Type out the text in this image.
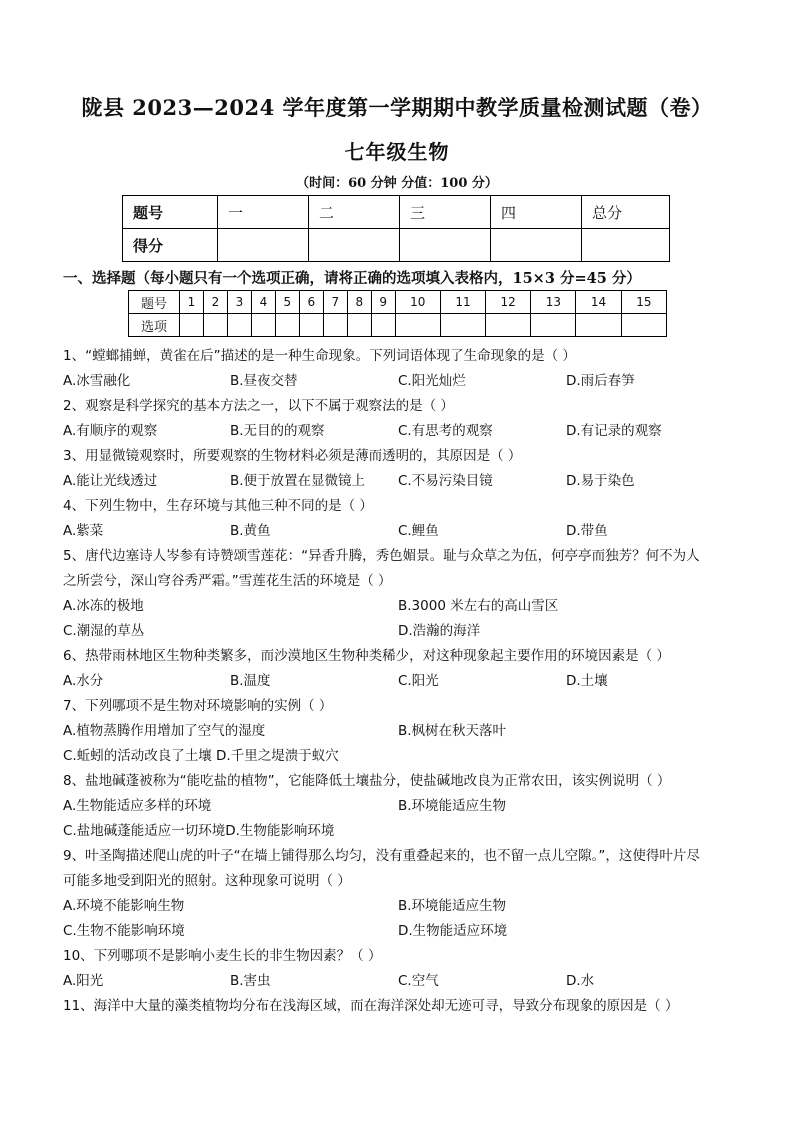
陇县 2023—2024 学年度第一学期期中教学质量检测试题（卷）
七年级生物
（时间：60 分钟 分值：100 分）
题号	一	二	三	四	总分
得分					
一、选择题（每小题只有一个选项正确，请将正确的选项填入表格内，15×3 分=45 分）
题号	1	2	3	4	5	6	7	8	9	10	11	12	13	14	15
选项															
1、“螳螂捕蝉，黄雀在后”描述的是一种生命现象。下列词语体现了生命现象的是（ ）
A.冰雪融化	B.昼夜交替	C.阳光灿烂	D.雨后春笋
2、观察是科学探究的基本方法之一，以下不属于观察法的是（ ）
A.有顺序的观察	B.无目的的观察	C.有思考的观察	D.有记录的观察
3、用显微镜观察时，所要观察的生物材料必须是薄而透明的，其原因是（ ）
A.能让光线透过	B.便于放置在显微镜上 C.不易污染目镜	D.易于染色
4、下列生物中，生存环境与其他三种不同的是（ ）
A.紫菜	B.黄鱼	C.鲤鱼	D.带鱼
5、唐代边塞诗人岑参有诗赞颂雪莲花：“异香升腾，秀色媚景。耻与众草之为伍，何亭亭而独芳？何不为人
之所尝兮，深山穹谷秀严霜。”雪莲花生活的环境是（ ）
A.冰冻的极地	B.3000 米左右的高山雪区
C.潮湿的草丛	D.浩瀚的海洋
6、热带雨林地区生物种类繁多，而沙漠地区生物种类稀少，对这种现象起主要作用的环境因素是（ ）
A.水分	B.温度	C.阳光	D.土壤
7、下列哪项不是生物对环境影响的实例（ ）
A.植物蒸腾作用增加了空气的湿度	B.枫树在秋天落叶
C.蚯蚓的活动改良了土壤 D.千里之堤溃于蚁穴
8、盐地碱蓬被称为“能吃盐的植物”，它能降低土壤盐分，使盐碱地改良为正常农田，该实例说明（ ）
A.生物能适应多样的环境	B.环境能适应生物
C.盐地碱蓬能适应一切环境D.生物能影响环境
9、叶圣陶描述爬山虎的叶子“在墙上铺得那么均匀，没有重叠起来的，也不留一点儿空隙。”，这使得叶片尽
可能多地受到阳光的照射。这种现象可说明（ ）
A.环境不能影响生物	B.环境能适应生物
C.生物不能影响环境	D.生物能适应环境
10、下列哪项不是影响小麦生长的非生物因素？（ ）
A.阳光	B.害虫	C.空气	D.水
11、海洋中大量的藻类植物均分布在浅海区域，而在海洋深处却无迹可寻，导致分布现象的原因是（ ）
